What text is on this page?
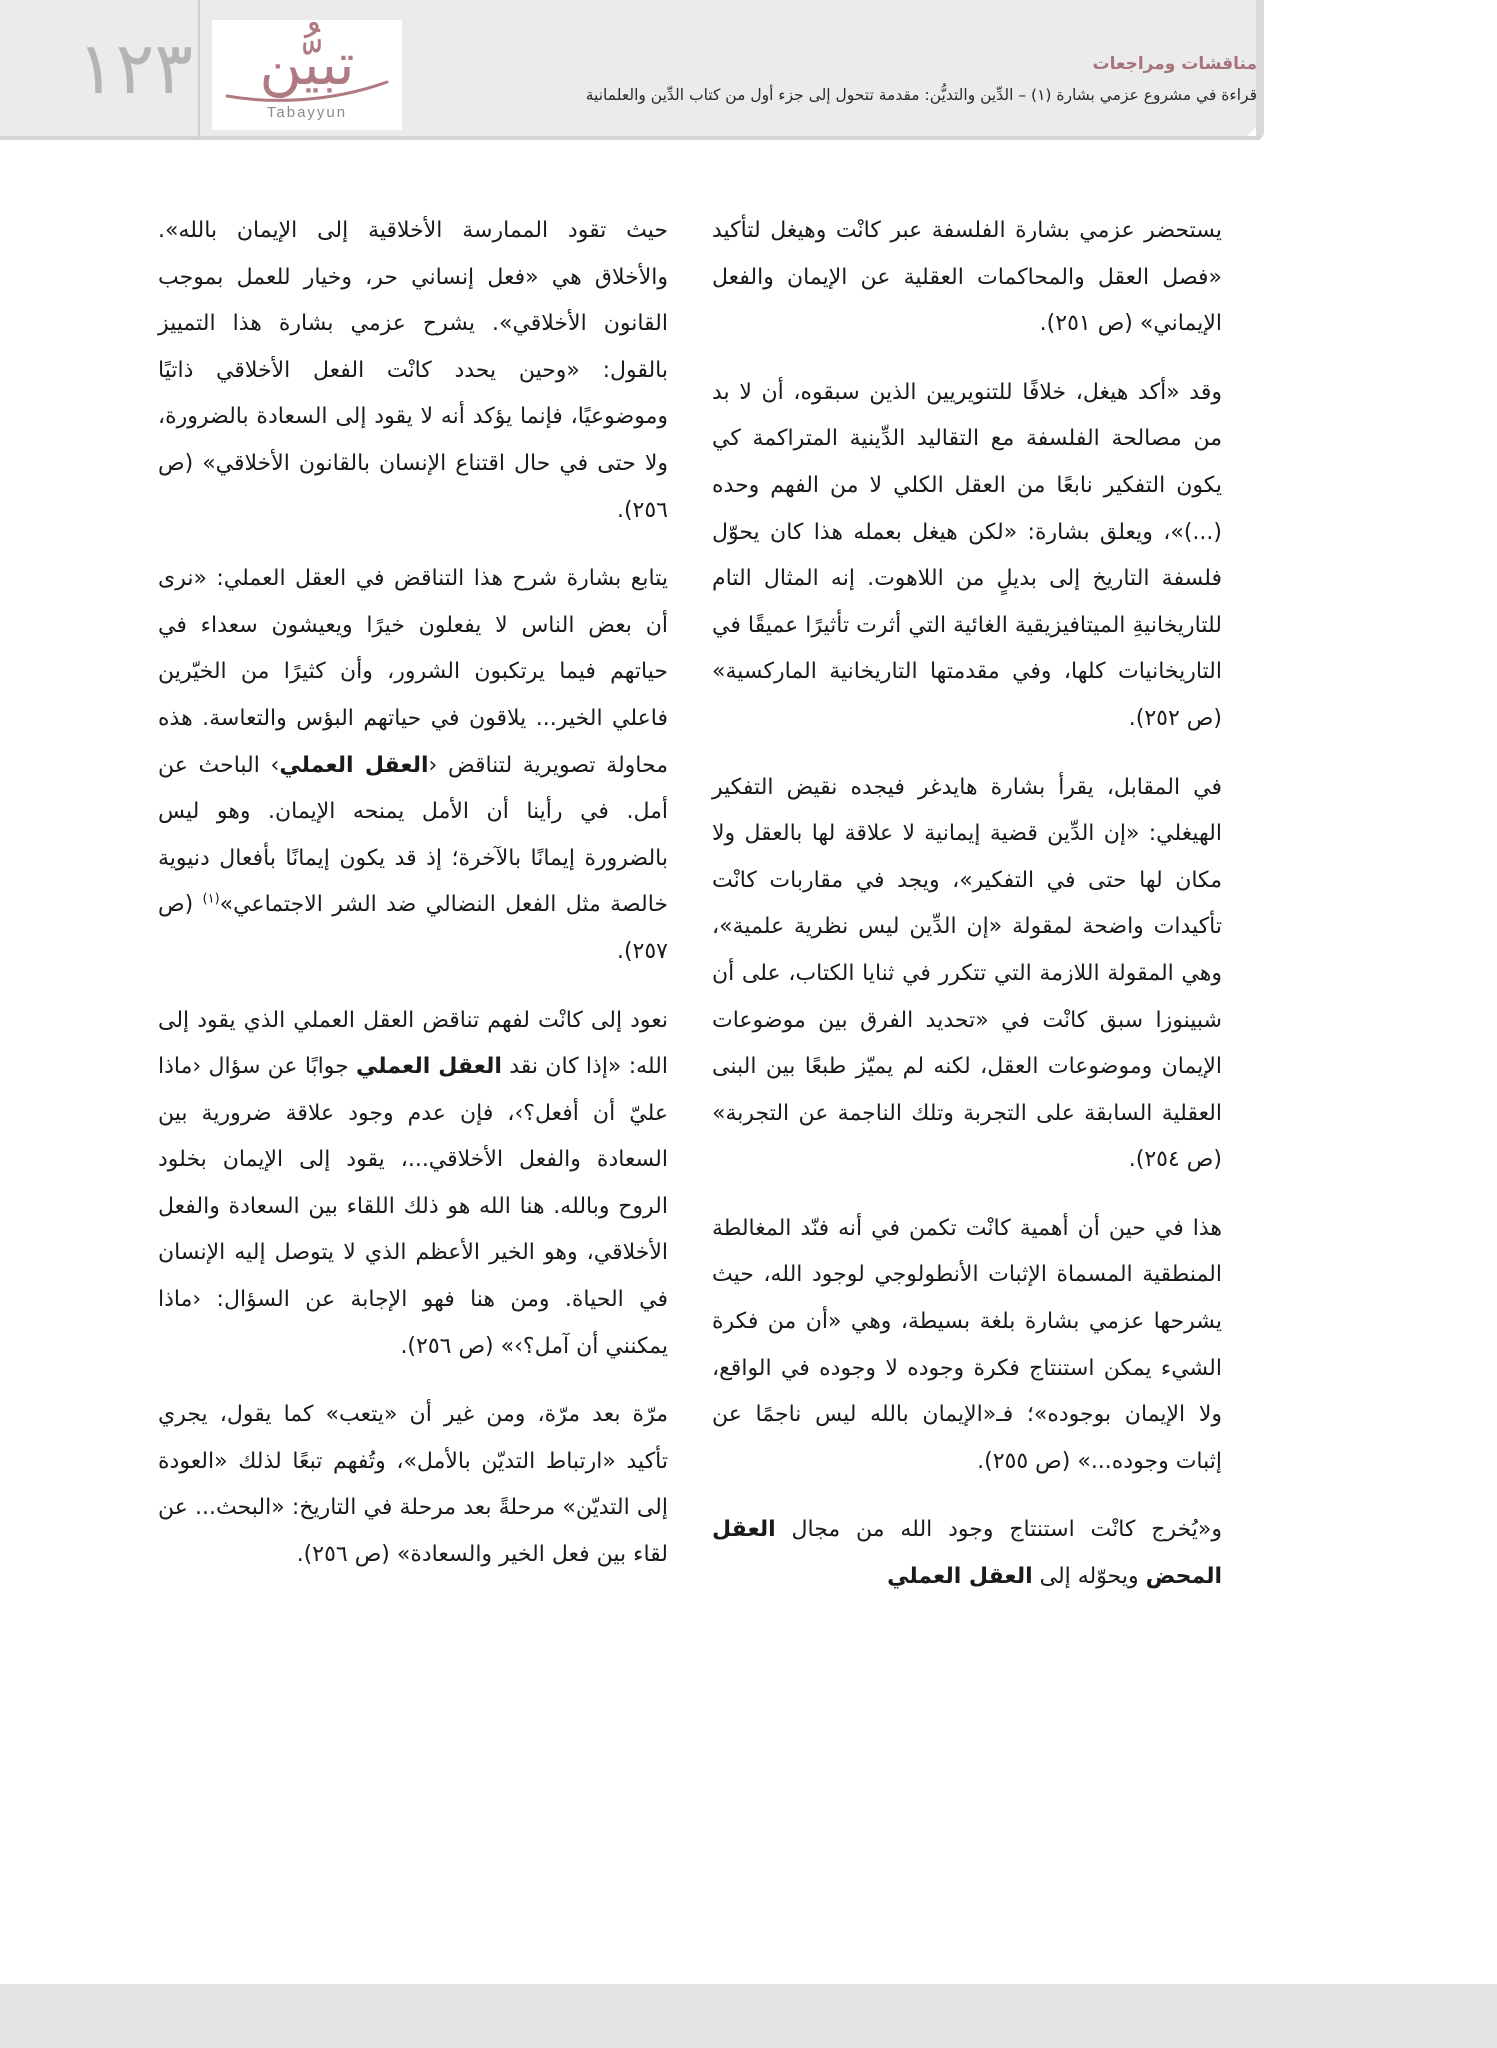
١٢٣	تبيُّن
Tabayyun
مناقشات ومراجعات
قراءة في مشروع عزمي بشارة (١) – الدِّين والتديُّن: مقدمة تتحول إلى جزء أول من كتاب الدِّين والعلمانية

يستحضر عزمي بشارة الفلسفة عبر كانْت وهيغل لتأكيد «فصل العقل والمحاكمات العقلية عن الإيمان والفعل الإيماني» (ص ٢٥١).

وقد «أكد هيغل، خلافًا للتنويريين الذين سبقوه، أن لا بد من مصالحة الفلسفة مع التقاليد الدِّينية المتراكمة كي يكون التفكير نابعًا من العقل الكلي لا من الفهم وحده (...)»، ويعلق بشارة: «لكن هيغل بعمله هذا كان يحوّل فلسفة التاريخ إلى بديلٍ من اللاهوت. إنه المثال التام للتاريخانيةِ الميتافيزيقية الغائية التي أثرت تأثيرًا عميقًا في التاريخانيات كلها، وفي مقدمتها التاريخانية الماركسية» (ص ٢٥٢).

في المقابل، يقرأ بشارة هايدغر فيجده نقيض التفكير الهيغلي: «إن الدِّين قضية إيمانية لا علاقة لها بالعقل ولا مكان لها حتى في التفكير»، ويجد في مقاربات كانْت تأكيدات واضحة لمقولة «إن الدِّين ليس نظرية علمية»، وهي المقولة اللازمة التي تتكرر في ثنايا الكتاب، على أن شبينوزا سبق كانْت في «تحديد الفرق بين موضوعات الإيمان وموضوعات العقل، لكنه لم يميّز طبعًا بين البنى العقلية السابقة على التجربة وتلك الناجمة عن التجربة» (ص ٢٥٤).

هذا في حين أن أهمية كانْت تكمن في أنه فنّد المغالطة المنطقية المسماة الإثبات الأنطولوجي لوجود الله، حيث يشرحها عزمي بشارة بلغة بسيطة، وهي «أن من فكرة الشيء يمكن استنتاج فكرة وجوده لا وجوده في الواقع، ولا الإيمان بوجوده»؛ فـ«الإيمان بالله ليس ناجمًا عن إثبات وجوده...» (ص ٢٥٥).

و«يُخرج كانْت استنتاج وجود الله من مجال العقل المحض ويحوّله إلى العقل العملي

حيث تقود الممارسة الأخلاقية إلى الإيمان بالله». والأخلاق هي «فعل إنساني حر، وخيار للعمل بموجب القانون الأخلاقي». يشرح عزمي بشارة هذا التمييز بالقول: «وحين يحدد كانْت الفعل الأخلاقي ذاتيًا وموضوعيًا، فإنما يؤكد أنه لا يقود إلى السعادة بالضرورة، ولا حتى في حال اقتناع الإنسان بالقانون الأخلاقي» (ص ٢٥٦).

يتابع بشارة شرح هذا التناقض في العقل العملي: «نرى أن بعض الناس لا يفعلون خيرًا ويعيشون سعداء في حياتهم فيما يرتكبون الشرور، وأن كثيرًا من الخيّرين فاعلي الخير... يلاقون في حياتهم البؤس والتعاسة. هذه محاولة تصويرية لتناقض ‹العقل العملي› الباحث عن أمل. في رأينا أن الأمل يمنحه الإيمان. وهو ليس بالضرورة إيمانًا بالآخرة؛ إذ قد يكون إيمانًا بأفعال دنيوية خالصة مثل الفعل النضالي ضد الشر الاجتماعي»$^{(١)}$ (ص ٢٥٧).

نعود إلى كانْت لفهم تناقض العقل العملي الذي يقود إلى الله: «إذا كان نقد العقل العملي جوابًا عن سؤال ‹ماذا عليّ أن أفعل؟›، فإن عدم وجود علاقة ضرورية بين السعادة والفعل الأخلاقي...، يقود إلى الإيمان بخلود الروح وبالله. هنا الله هو ذلك اللقاء بين السعادة والفعل الأخلاقي، وهو الخير الأعظم الذي لا يتوصل إليه الإنسان في الحياة. ومن هنا فهو الإجابة عن السؤال: ‹ماذا يمكنني أن آمل؟›» (ص ٢٥٦).

مرّة بعد مرّة، ومن غير أن «يتعب» كما يقول، يجري تأكيد «ارتباط التديّن بالأمل»، وتُفهم تبعًا لذلك «العودة إلى التديّن» مرحلةً بعد مرحلة في التاريخ: «البحث... عن لقاء بين فعل الخير والسعادة» (ص ٢٥٦).
